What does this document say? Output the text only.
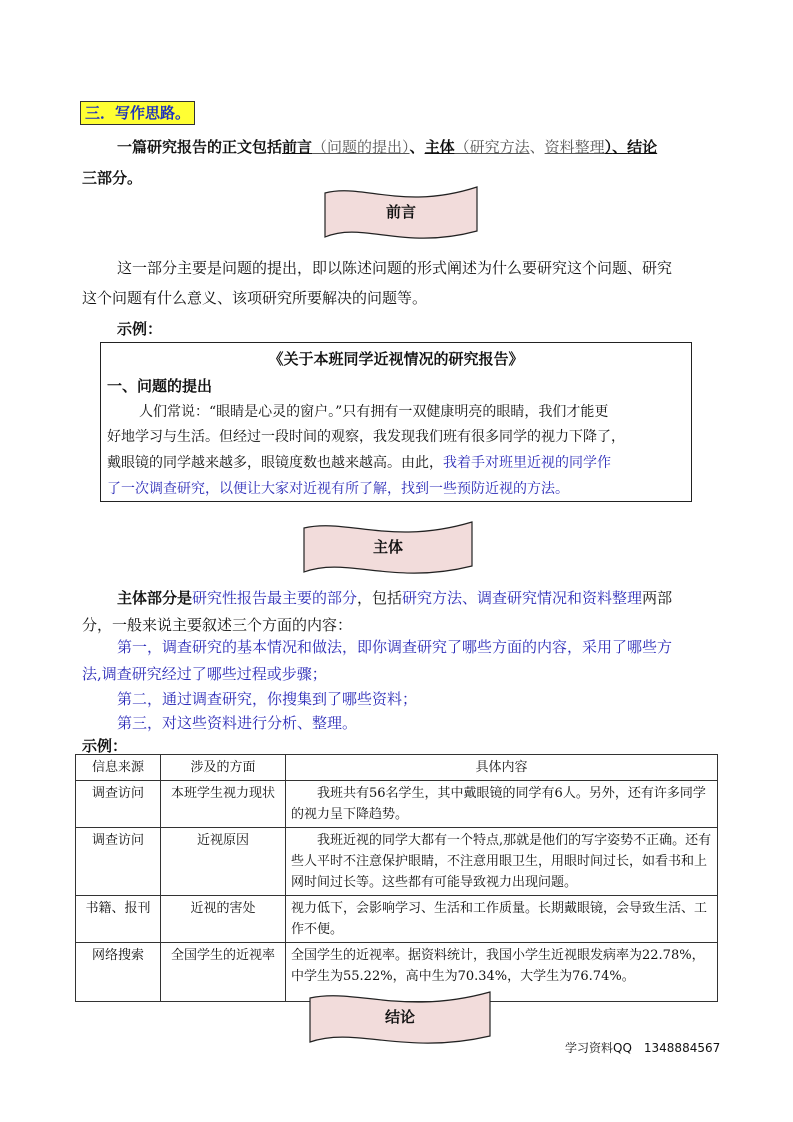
三．写作思路。
一篇研究报告的正文包括前言（问题的提出）、主体（研究方法、资料整理）、结论
三部分。
前言
这一部分主要是问题的提出，即以陈述问题的形式阐述为什么要研究这个问题、研究
这个问题有什么意义、该项研究所要解决的问题等。
示例：
《关于本班同学近视情况的研究报告》
一、问题的提出
人们常说：“眼睛是心灵的窗户。”只有拥有一双健康明亮的眼睛，我们才能更
好地学习与生活。但经过一段时间的观察，我发现我们班有很多同学的视力下降了，
戴眼镜的同学越来越多，眼镜度数也越来越高。由此，我着手对班里近视的同学作
了一次调查研究，以便让大家对近视有所了解，找到一些预防近视的方法。
主体
主体部分是研究性报告最主要的部分，包括研究方法、调查研究情况和资料整理两部
分，一般来说主要叙述三个方面的内容：
第一，调查研究的基本情况和做法，即你调查研究了哪些方面的内容，采用了哪些方
法,调查研究经过了哪些过程或步骤；
第二，通过调查研究，你搜集到了哪些资料；
第三，对这些资料进行分析、整理。
示例：
信息来源	涉及的方面	具体内容
调查访问	本班学生视力现状	我班共有56名学生，其中戴眼镜的同学有6人。另外，还有许多同学的视力呈下降趋势。
调查访问	近视原因	我班近视的同学大都有一个特点,那就是他们的写字姿势不正确。还有些人平时不注意保护眼睛，不注意用眼卫生，用眼时间过长，如看书和上网时间过长等。这些都有可能导致视力出现问题。
书籍、报刊	近视的害处	视力低下，会影响学习、生活和工作质量。长期戴眼镜，会导致生活、工作不便。
网络搜索	全国学生的近视率	全国学生的近视率。据资料统计，我国小学生近视眼发病率为22.78%，中学生为55.22%，高中生为70.34%，大学生为76.74%。
结论
学习资料QQ　1348884567
